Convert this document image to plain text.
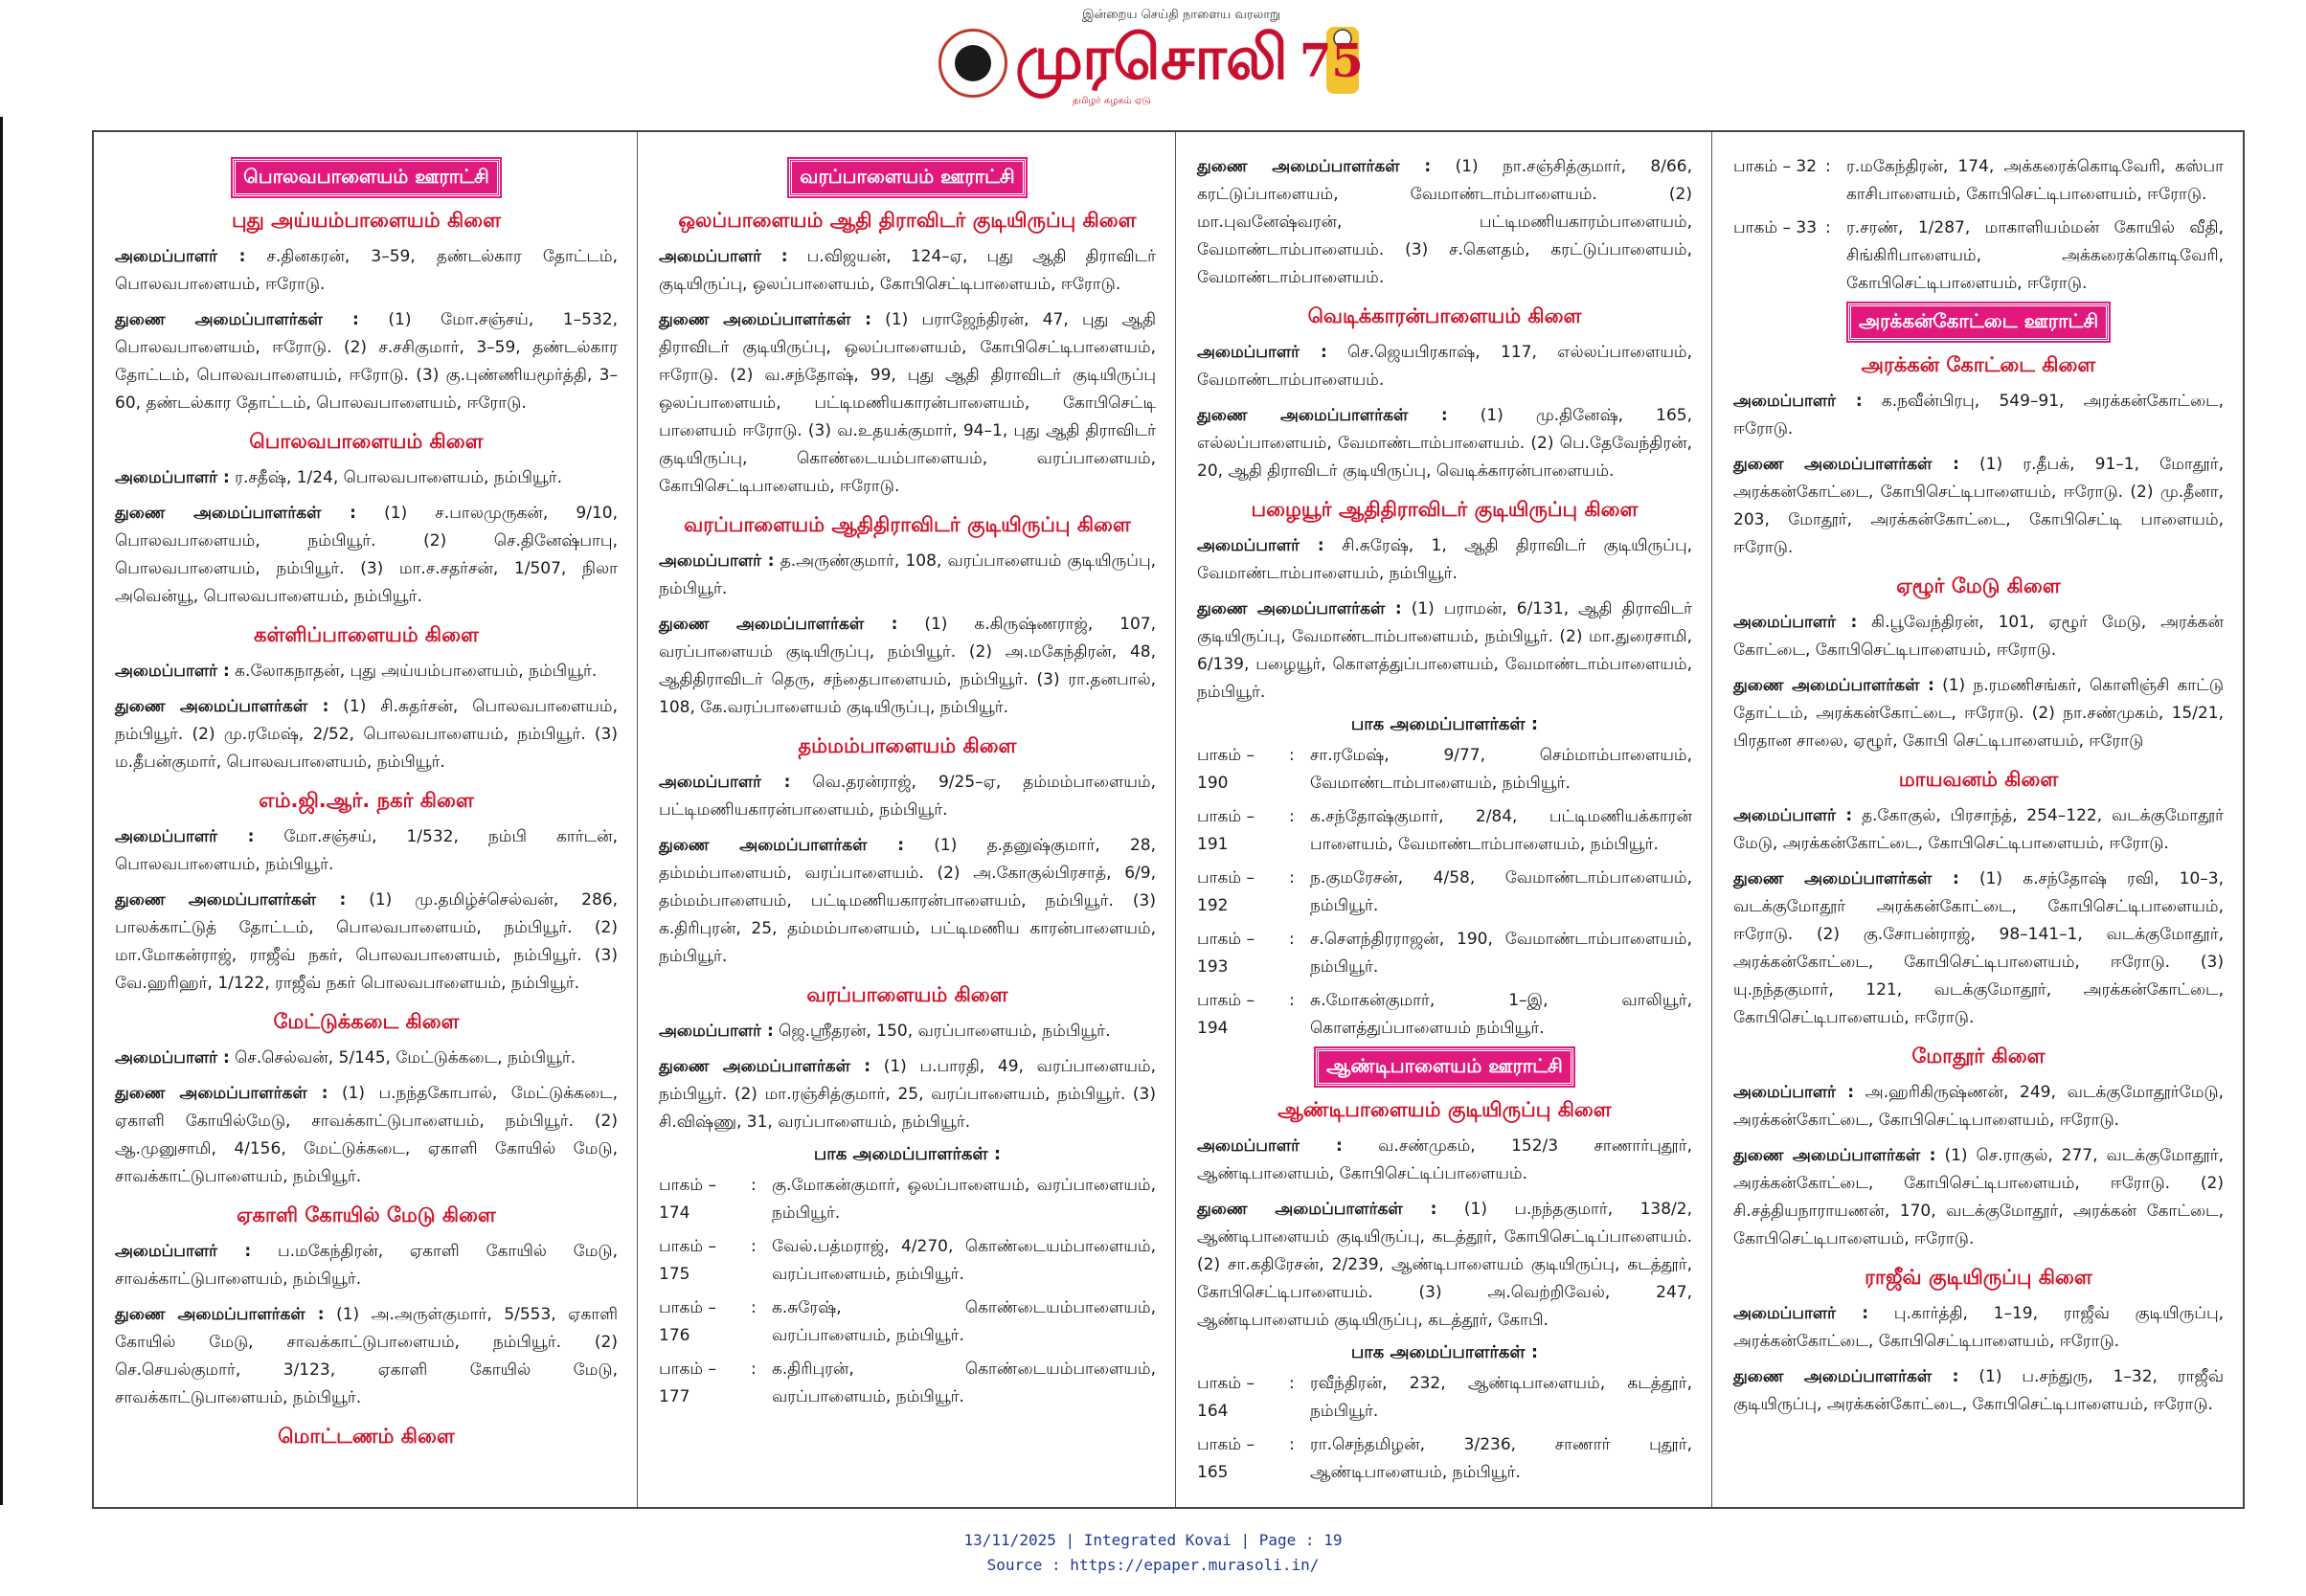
இன்றைய செய்தி நாளைய வரலாறு
முரசொலி
தமிழர் கழகம் ஏடு
75
பொலவபாளையம் ஊராட்சி
புது அய்யம்பாளையம் கிளை

அமைப்பாளர் : ச.தினகரன், 3–59, தண்டல்கார தோட்டம், பொலவபாளையம், ஈரோடு.

துணை அமைப்பாளர்கள் : (1) மோ.சஞ்சய், 1–532, பொலவபாளையம், ஈரோடு. (2) ச.சசிகுமார், 3–59, தண்டல்கார தோட்டம், பொலவபாளையம், ஈரோடு. (3) கு.புண்ணியமூர்த்தி, 3–60, தண்டல்கார தோட்டம், பொலவபாளையம், ஈரோடு.

பொலவபாளையம் கிளை

அமைப்பாளர் : ர.சதீஷ், 1/24, பொலவபாளையம், நம்பியூர்.

துணை அமைப்பாளர்கள் : (1) ச.பாலமுருகன், 9/10, பொலவபாளையம், நம்பியூர். (2) செ.தினேஷ்பாபு, பொலவபாளையம், நம்பியூர். (3) மா.ச.சதர்சன், 1/507, நிலா அவென்யூ, பொலவபாளையம், நம்பியூர்.

கள்ளிப்பாளையம் கிளை

அமைப்பாளர் : க.லோகநாதன், புது அய்யம்பாளையம், நம்பியூர்.

துணை அமைப்பாளர்கள் : (1) சி.சுதர்சன், பொலவபாளையம், நம்பியூர். (2) மு.ரமேஷ், 2/52, பொலவபாளையம், நம்பியூர். (3) ம.தீபன்குமார், பொலவபாளையம், நம்பியூர்.

எம்.ஜி.ஆர். நகர் கிளை

அமைப்பாளர் : மோ.சஞ்சய், 1/532, நம்பி கார்டன், பொலவபாளையம், நம்பியூர்.

துணை அமைப்பாளர்கள் : (1) மு.தமிழ்ச்செல்வன், 286, பாலக்காட்டுத் தோட்டம், பொலவபாளையம், நம்பியூர். (2) மா.மோகன்ராஜ், ராஜீவ் நகர், பொலவபாளையம், நம்பியூர். (3) வே.ஹரிஹர், 1/122, ராஜீவ் நகர் பொலவபாளையம், நம்பியூர்.

மேட்டுக்கடை கிளை

அமைப்பாளர் : செ.செல்வன், 5/145, மேட்டுக்கடை, நம்பியூர்.

துணை அமைப்பாளர்கள் : (1) ப.நந்தகோபால், மேட்டுக்கடை, ஏகாளி கோயில்மேடு, சாவக்காட்டுபாளையம், நம்பியூர். (2) ஆ.முனுசாமி, 4/156, மேட்டுக்கடை, ஏகாளி கோயில் மேடு, சாவக்காட்டுபாளையம், நம்பியூர்.

ஏகாளி கோயில் மேடு கிளை

அமைப்பாளர் : ப.மகேந்திரன், ஏகாளி கோயில் மேடு, சாவக்காட்டுபாளையம், நம்பியூர்.

துணை அமைப்பாளர்கள் : (1) அ.அருள்குமார், 5/553, ஏகாளி கோயில் மேடு, சாவக்காட்டுபாளையம், நம்பியூர். (2) செ.செயல்குமார், 3/123, ஏகாளி கோயில் மேடு, சாவக்காட்டுபாளையம், நம்பியூர்.

மொட்டணம் கிளை
வரப்பாளையம் ஊராட்சி
ஒலப்பாளையம் ஆதி திராவிடர் குடியிருப்பு கிளை

அமைப்பாளர் : ப.விஜயன், 124–ஏ, புது ஆதி திராவிடர் குடியிருப்பு, ஒலப்பாளையம், கோபிசெட்டிபாளையம், ஈரோடு.

துணை அமைப்பாளர்கள் : (1) பராஜேந்திரன், 47, புது ஆதி திராவிடர் குடியிருப்பு, ஒலப்பாளையம், கோபிசெட்டிபாளையம், ஈரோடு. (2) வ.சந்தோஷ், 99, புது ஆதி திராவிடர் குடியிருப்பு ஒலப்பாளையம், பட்டிமணியகாரன்பாளையம், கோபிசெட்டி பாளையம் ஈரோடு. (3) வ.உதயக்குமார், 94–1, புது ஆதி திராவிடர் குடியிருப்பு, கொண்டையம்பாளையம், வரப்பாளையம், கோபிசெட்டிபாளையம், ஈரோடு.

வரப்பாளையம் ஆதிதிராவிடர் குடியிருப்பு கிளை

அமைப்பாளர் : த.அருண்குமார், 108, வரப்பாளையம் குடியிருப்பு, நம்பியூர்.

துணை அமைப்பாளர்கள் : (1) க.கிருஷ்ணராஜ், 107, வரப்பாளையம் குடியிருப்பு, நம்பியூர். (2) அ.மகேந்திரன், 48, ஆதிதிராவிடர் தெரு, சந்தைபாளையம், நம்பியூர். (3) ரா.தனபால், 108, கே.வரப்பாளையம் குடியிருப்பு, நம்பியூர்.

தம்மம்பாளையம் கிளை

அமைப்பாளர் : வெ.தரன்ராஜ், 9/25–ஏ, தம்மம்பாளையம், பட்டிமணியகாரன்பாளையம், நம்பியூர்.

துணை அமைப்பாளர்கள் : (1) த.தனுஷ்குமார், 28, தம்மம்பாளையம், வரப்பாளையம். (2) அ.கோகுல்பிரசாத், 6/9, தம்மம்பாளையம், பட்டிமணியகாரன்பாளையம், நம்பியூர். (3) க.திரிபுரன், 25, தம்மம்பாளையம், பட்டிமணிய காரன்பாளையம், நம்பியூர்.

வரப்பாளையம் கிளை

அமைப்பாளர் : ஜெ.ஸ்ரீதரன், 150, வரப்பாளையம், நம்பியூர்.

துணை அமைப்பாளர்கள் : (1) ப.பாரதி, 49, வரப்பாளையம், நம்பியூர். (2) மா.ரஞ்சித்குமார், 25, வரப்பாளையம், நம்பியூர். (3) சி.விஷ்ணு, 31, வரப்பாளையம், நம்பியூர்.

பாக அமைப்பாளர்கள் :
பாகம் – 174
: கு.மோகன்குமார், ஒலப்பாளையம், வரப்பாளையம், நம்பியூர்.
பாகம் – 175
: வேல்.பத்மராஜ், 4/270, கொண்டையம்பாளையம், வரப்பாளையம், நம்பியூர்.
பாகம் – 176
: க.சுரேஷ், கொண்டையம்பாளையம், வரப்பாளையம், நம்பியூர்.
பாகம் – 177
: க.திரிபுரன், கொண்டையம்பாளையம், வரப்பாளையம், நம்பியூர்.

துணை அமைப்பாளர்கள் : (1) நா.சஞ்சித்குமார், 8/66, கரட்டுப்பாளையம், வேமாண்டாம்பாளையம். (2) மா.புவனேஷ்வரன், பட்டிமணியகாரம்பாளையம், வேமாண்டாம்பாளையம். (3) ச.கௌதம், கரட்டுப்பாளையம், வேமாண்டாம்பாளையம்.

வெடிக்காரன்பாளையம் கிளை

அமைப்பாளர் : செ.ஜெயபிரகாஷ், 117, எல்லப்பாளையம், வேமாண்டாம்பாளையம்.

துணை அமைப்பாளர்கள் : (1) மு.தினேஷ், 165, எல்லப்பாளையம், வேமாண்டாம்பாளையம். (2) பெ.தேவேந்திரன், 20, ஆதி திராவிடர் குடியிருப்பு, வெடிக்காரன்பாளையம்.

பழையூர் ஆதிதிராவிடர் குடியிருப்பு கிளை

அமைப்பாளர் : சி.சுரேஷ், 1, ஆதி திராவிடர் குடியிருப்பு, வேமாண்டாம்பாளையம், நம்பியூர்.

துணை அமைப்பாளர்கள் : (1) பராமன், 6/131, ஆதி திராவிடர் குடியிருப்பு, வேமாண்டாம்பாளையம், நம்பியூர். (2) மா.துரைசாமி, 6/139, பழையூர், கொளத்துப்பாளையம், வேமாண்டாம்பாளையம், நம்பியூர்.

பாக அமைப்பாளர்கள் :
பாகம் – 190
: சா.ரமேஷ், 9/77, செம்மாம்பாளையம், வேமாண்டாம்பாளையம், நம்பியூர்.
பாகம் – 191
: க.சந்தோஷ்குமார், 2/84, பட்டிமணியக்காரன் பாளையம், வேமாண்டாம்பாளையம், நம்பியூர்.
பாகம் – 192
: ந.குமரேசன், 4/58, வேமாண்டாம்பாளையம், நம்பியூர்.
பாகம் – 193
: ச.சௌந்திரராஜன், 190, வேமாண்டாம்பாளையம், நம்பியூர்.
பாகம் – 194
: சு.மோகன்குமார், 1–இ, வாலியூர், கொளத்துப்பாளையம் நம்பியூர்.
ஆண்டிபாளையம் ஊராட்சி
ஆண்டிபாளையம் குடியிருப்பு கிளை

அமைப்பாளர் : வ.சண்முகம், 152/3 சாணார்புதூர், ஆண்டிபாளையம், கோபிசெட்டிப்பாளையம்.

துணை அமைப்பாளர்கள் : (1) ப.நந்தகுமார், 138/2, ஆண்டிபாளையம் குடியிருப்பு, கடத்தூர், கோபிசெட்டிப்பாளையம். (2) சா.கதிரேசன், 2/239, ஆண்டிபாளையம் குடியிருப்பு, கடத்தூர், கோபிசெட்டிபாளையம். (3) அ.வெற்றிவேல், 247, ஆண்டிபாளையம் குடியிருப்பு, கடத்தூர், கோபி.

பாக அமைப்பாளர்கள் :
பாகம் – 164
: ரவீந்திரன், 232, ஆண்டிபாளையம், கடத்தூர், நம்பியூர்.
பாகம் – 165
: ரா.செந்தமிழன், 3/236, சாணார் புதூர், ஆண்டிபாளையம், நம்பியூர்.
பாகம் – 32 : ர.மகேந்திரன், 174, அக்கரைக்கொடிவேரி, கஸ்பா காசிபாளையம், கோபிசெட்டிபாளையம், ஈரோடு.
பாகம் – 33 : ர.சரண், 1/287, மாகாளியம்மன் கோயில் வீதி, சிங்கிரிபாளையம், அக்கரைக்கொடிவேரி, கோபிசெட்டிபாளையம், ஈரோடு.
அரக்கன்கோட்டை ஊராட்சி
அரக்கன் கோட்டை கிளை

அமைப்பாளர் : க.நவீன்பிரபு, 549–91, அரக்கன்கோட்டை, ஈரோடு.

துணை அமைப்பாளர்கள் : (1) ர.தீபக், 91–1, மோதூர், அரக்கன்கோட்டை, கோபிசெட்டிபாளையம், ஈரோடு. (2) மு.தீனா, 203, மோதூர், அரக்கன்கோட்டை, கோபிசெட்டி பாளையம், ஈரோடு.

ஏழூர் மேடு கிளை

அமைப்பாளர் : கி.பூவேந்திரன், 101, ஏழூர் மேடு, அரக்கன் கோட்டை, கோபிசெட்டிபாளையம், ஈரோடு.

துணை அமைப்பாளர்கள் : (1) ந.ரமணிசங்கர், கொளிஞ்சி காட்டு தோட்டம், அரக்கன்கோட்டை, ஈரோடு. (2) நா.சண்முகம், 15/21, பிரதான சாலை, ஏழூர், கோபி செட்டிபாளையம், ஈரோடு

மாயவனம் கிளை

அமைப்பாளர் : த.கோகுல், பிரசாந்த், 254–122, வடக்குமோதூர் மேடு, அரக்கன்கோட்டை, கோபிசெட்டிபாளையம், ஈரோடு.

துணை அமைப்பாளர்கள் : (1) க.சந்தோஷ் ரவி, 10–3, வடக்குமோதூர் அரக்கன்கோட்டை, கோபிசெட்டிபாளையம், ஈரோடு. (2) கு.சோபன்ராஜ், 98–141–1, வடக்குமோதூர், அரக்கன்கோட்டை, கோபிசெட்டிபாளையம், ஈரோடு. (3) யு.நந்தகுமார், 121, வடக்குமோதூர், அரக்கன்கோட்டை, கோபிசெட்டிபாளையம், ஈரோடு.

மோதூர் கிளை

அமைப்பாளர் : அ.ஹரிகிருஷ்ணன், 249, வடக்குமோதூர்மேடு, அரக்கன்கோட்டை, கோபிசெட்டிபாளையம், ஈரோடு.

துணை அமைப்பாளர்கள் : (1) செ.ராகுல், 277, வடக்குமோதூர், அரக்கன்கோட்டை, கோபிசெட்டிபாளையம், ஈரோடு. (2) சி.சத்தியநாராயணன், 170, வடக்குமோதூர், அரக்கன் கோட்டை, கோபிசெட்டிபாளையம், ஈரோடு.

ராஜீவ் குடியிருப்பு கிளை

அமைப்பாளர் : பு.கார்த்தி, 1–19, ராஜீவ் குடியிருப்பு, அரக்கன்கோட்டை, கோபிசெட்டிபாளையம், ஈரோடு.

துணை அமைப்பாளர்கள் : (1) ப.சந்துரு, 1–32, ராஜீவ் குடியிருப்பு, அரக்கன்கோட்டை, கோபிசெட்டிபாளையம், ஈரோடு.

13/11/2025 | Integrated Kovai | Page : 19
Source : https://epaper.murasoli.in/
